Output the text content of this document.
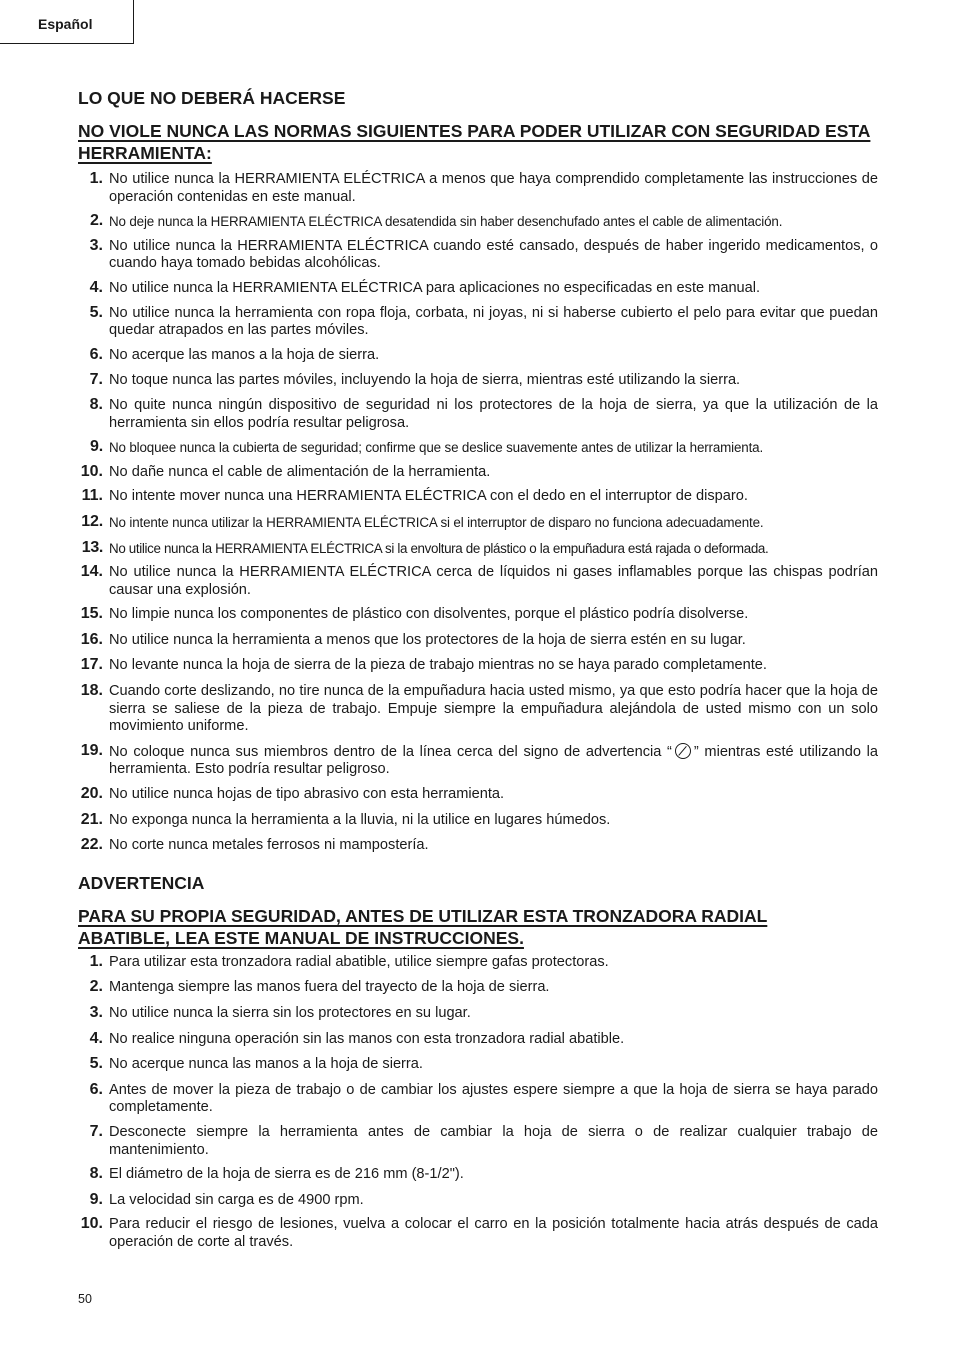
Español
LO QUE NO DEBERÁ HACERSE
NO VIOLE NUNCA LAS NORMAS SIGUIENTES PARA PODER UTILIZAR CON SEGURIDAD ESTA HERRAMIENTA:
1. No utilice nunca la HERRAMIENTA ELÉCTRICA a menos que haya comprendido completamente las instrucciones de operación contenidas en este manual.
2. No deje nunca la HERRAMIENTA ELÉCTRICA desatendida sin haber desenchufado antes el cable de alimentación.
3. No utilice nunca la HERRAMIENTA ELÉCTRICA cuando esté cansado, después de haber ingerido medicamentos, o cuando haya tomado bebidas alcohólicas.
4. No utilice nunca la HERRAMIENTA ELÉCTRICA para aplicaciones no especificadas en este manual.
5. No utilice nunca la herramienta con ropa floja, corbata, ni joyas, ni si haberse cubierto el pelo para evitar que puedan quedar atrapados en las partes móviles.
6. No acerque las manos a la hoja de sierra.
7. No toque nunca las partes móviles, incluyendo la hoja de sierra, mientras esté utilizando la sierra.
8. No quite nunca ningún dispositivo de seguridad ni los protectores de la hoja de sierra, ya que la utilización de la herramienta sin ellos podría resultar peligrosa.
9. No bloquee nunca la cubierta de seguridad; confirme que se deslice suavemente antes de utilizar la herramienta.
10. No dañe nunca el cable de alimentación de la herramienta.
11. No intente mover nunca una HERRAMIENTA ELÉCTRICA con el dedo en el interruptor de disparo.
12. No intente nunca utilizar la HERRAMIENTA ELÉCTRICA si el interruptor de disparo no funciona adecuadamente.
13. No utilice nunca la HERRAMIENTA ELÉCTRICA si la envoltura de plástico o la empuñadura está rajada o deformada.
14. No utilice nunca la HERRAMIENTA ELÉCTRICA cerca de líquidos ni gases inflamables porque las chispas podrían causar una explosión.
15. No limpie nunca los componentes de plástico con disolventes, porque el plástico podría disolverse.
16. No utilice nunca la herramienta a menos que los protectores de la hoja de sierra estén en su lugar.
17. No levante nunca la hoja de sierra de la pieza de trabajo mientras no se haya parado completamente.
18. Cuando corte deslizando, no tire nunca de la empuñadura hacia usted mismo, ya que esto podría hacer que la hoja de sierra se saliese de la pieza de trabajo. Empuje siempre la empuñadura alejándola de usted mismo con un solo movimiento uniforme.
19. No coloque nunca sus miembros dentro de la línea cerca del signo de advertencia “ ” mientras esté utilizando la herramienta. Esto podría resultar peligroso.
20. No utilice nunca hojas de tipo abrasivo con esta herramienta.
21. No exponga nunca la herramienta a la lluvia, ni la utilice en lugares húmedos.
22. No corte nunca metales ferrosos ni mampostería.
ADVERTENCIA
PARA SU PROPIA SEGURIDAD, ANTES DE UTILIZAR ESTA TRONZADORA RADIAL ABATIBLE, LEA ESTE MANUAL DE INSTRUCCIONES.
1. Para utilizar esta tronzadora radial abatible, utilice siempre gafas protectoras.
2. Mantenga siempre las manos fuera del trayecto de la hoja de sierra.
3. No utilice nunca la sierra sin los protectores en su lugar.
4. No realice ninguna operación sin las manos con esta tronzadora radial abatible.
5. No acerque nunca las manos a la hoja de sierra.
6. Antes de mover la pieza de trabajo o de cambiar los ajustes espere siempre a que la hoja de sierra se haya parado completamente.
7. Desconecte siempre la herramienta antes de cambiar la hoja de sierra o de realizar cualquier trabajo de mantenimiento.
8. El diámetro de la hoja de sierra es de 216 mm (8-1/2").
9. La velocidad sin carga es de 4900 rpm.
10. Para reducir el riesgo de lesiones, vuelva a colocar el carro en la posición totalmente hacia atrás después de cada operación de corte al través.
50
